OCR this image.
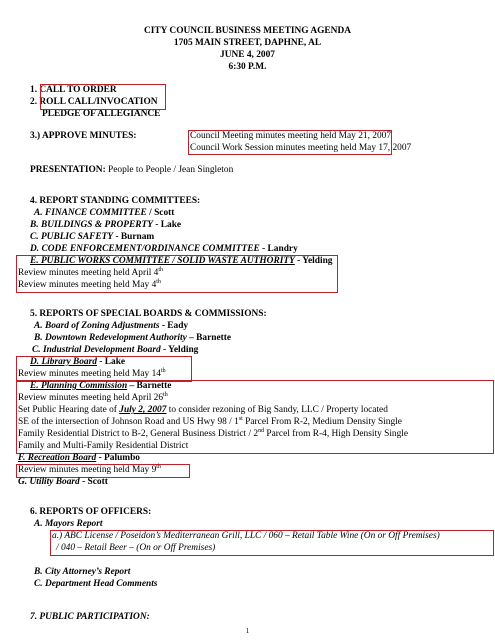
CITY COUNCIL BUSINESS MEETING AGENDA
1705 MAIN STREET, DAPHNE, AL
JUNE 4, 2007
6:30 P.M.
1. CALL TO ORDER
2. ROLL CALL/INVOCATION
PLEDGE OF ALLEGIANCE
3.) APPROVE MINUTES:	Council Meeting minutes meeting held May 21, 2007
Council Work Session minutes meeting held May 17, 2007
PRESENTATION: People to People / Jean Singleton
4. REPORT STANDING COMMITTEES:
A. FINANCE COMMITTEE / Scott
B. BUILDINGS & PROPERTY - Lake
C. PUBLIC SAFETY - Burnam
D. CODE ENFORCEMENT/ORDINANCE COMMITTEE - Landry
E. PUBLIC WORKS COMMITTEE / SOLID WASTE AUTHORITY - Yelding
Review minutes meeting held April 4th
Review minutes meeting held May 4th
5. REPORTS OF SPECIAL BOARDS & COMMISSIONS:
A. Board of Zoning Adjustments - Eady
B. Downtown Redevelopment Authority – Barnette
C. Industrial Development Board - Yelding
D. Library Board - Lake
Review minutes meeting held May 14th
E. Planning Commission – Barnette
Review minutes meeting held April 26th
Set Public Hearing date of July 2, 2007 to consider rezoning of Big Sandy, LLC / Property located
SE of the intersection of Johnson Road and US Hwy 98 / 1st Parcel From R-2, Medium Density Single
Family Residential District to B-2, General Business District / 2nd Parcel from R-4, High Density Single
Family and Multi-Family Residential District
F. Recreation Board - Palumbo
Review minutes meeting held May 9th
G. Utility Board - Scott
6. REPORTS OF OFFICERS:
A. Mayors Report
a.) ABC License / Poseidon’s Mediterranean Grill, LLC / 060 – Retail Table Wine (On or Off Premises)
/ 040 – Retail Beer – (On or Off Premises)
B. City Attorney’s Report
C. Department Head Comments
7. PUBLIC PARTICIPATION:
1
